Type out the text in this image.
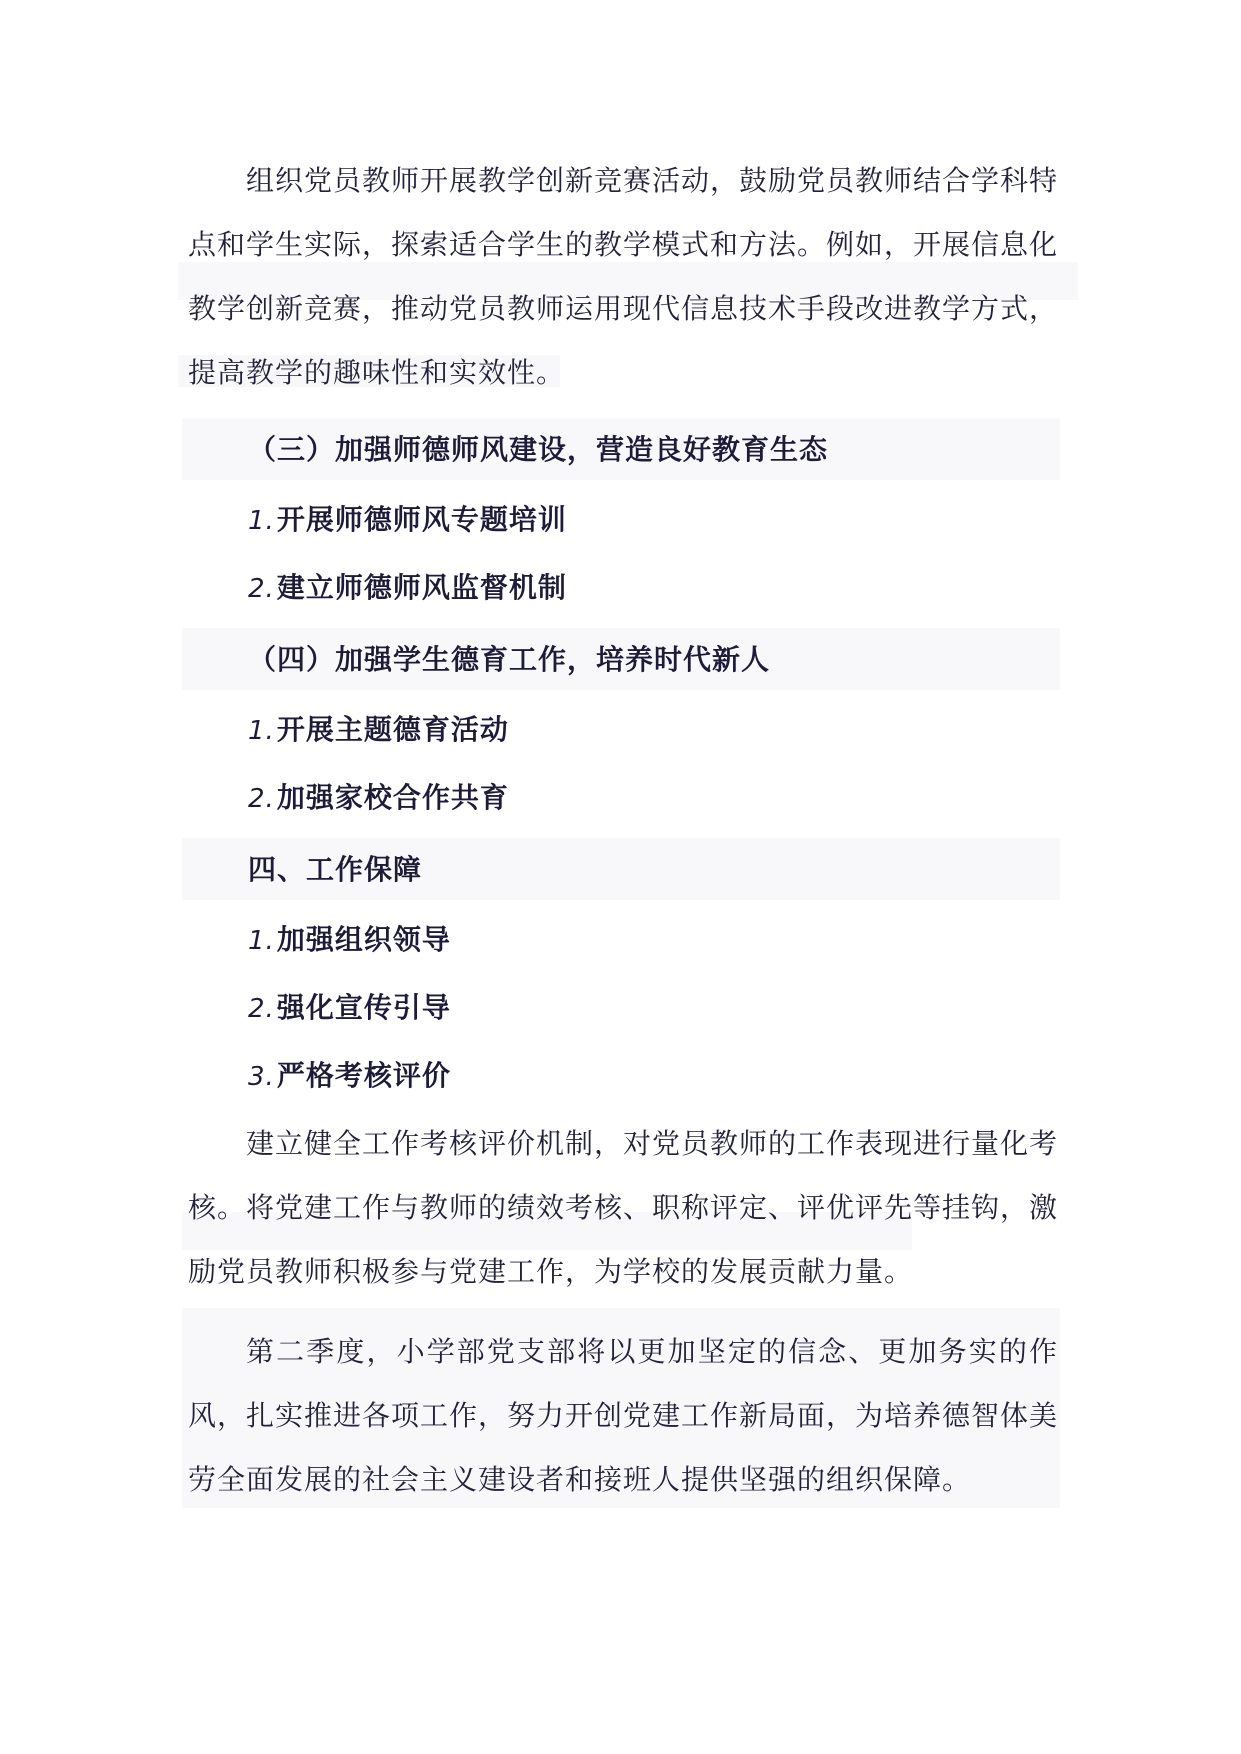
组织党员教师开展教学创新竞赛活动，鼓励党员教师结合学科特点和学生实际，探索适合学生的教学模式和方法。例如，开展信息化教学创新竞赛，推动党员教师运用现代信息技术手段改进教学方式，提高教学的趣味性和实效性。

（三）加强师德师风建设，营造良好教育生态

1.开展师德师风专题培训

2.建立师德师风监督机制

（四）加强学生德育工作，培养时代新人

1.开展主题德育活动

2.加强家校合作共育

四、工作保障

1.加强组织领导

2.强化宣传引导

3.严格考核评价

建立健全工作考核评价机制，对党员教师的工作表现进行量化考核。将党建工作与教师的绩效考核、职称评定、评优评先等挂钩，激励党员教师积极参与党建工作，为学校的发展贡献力量。

第二季度，小学部党支部将以更加坚定的信念、更加务实的作风，扎实推进各项工作，努力开创党建工作新局面，为培养德智体美劳全面发展的社会主义建设者和接班人提供坚强的组织保障。
